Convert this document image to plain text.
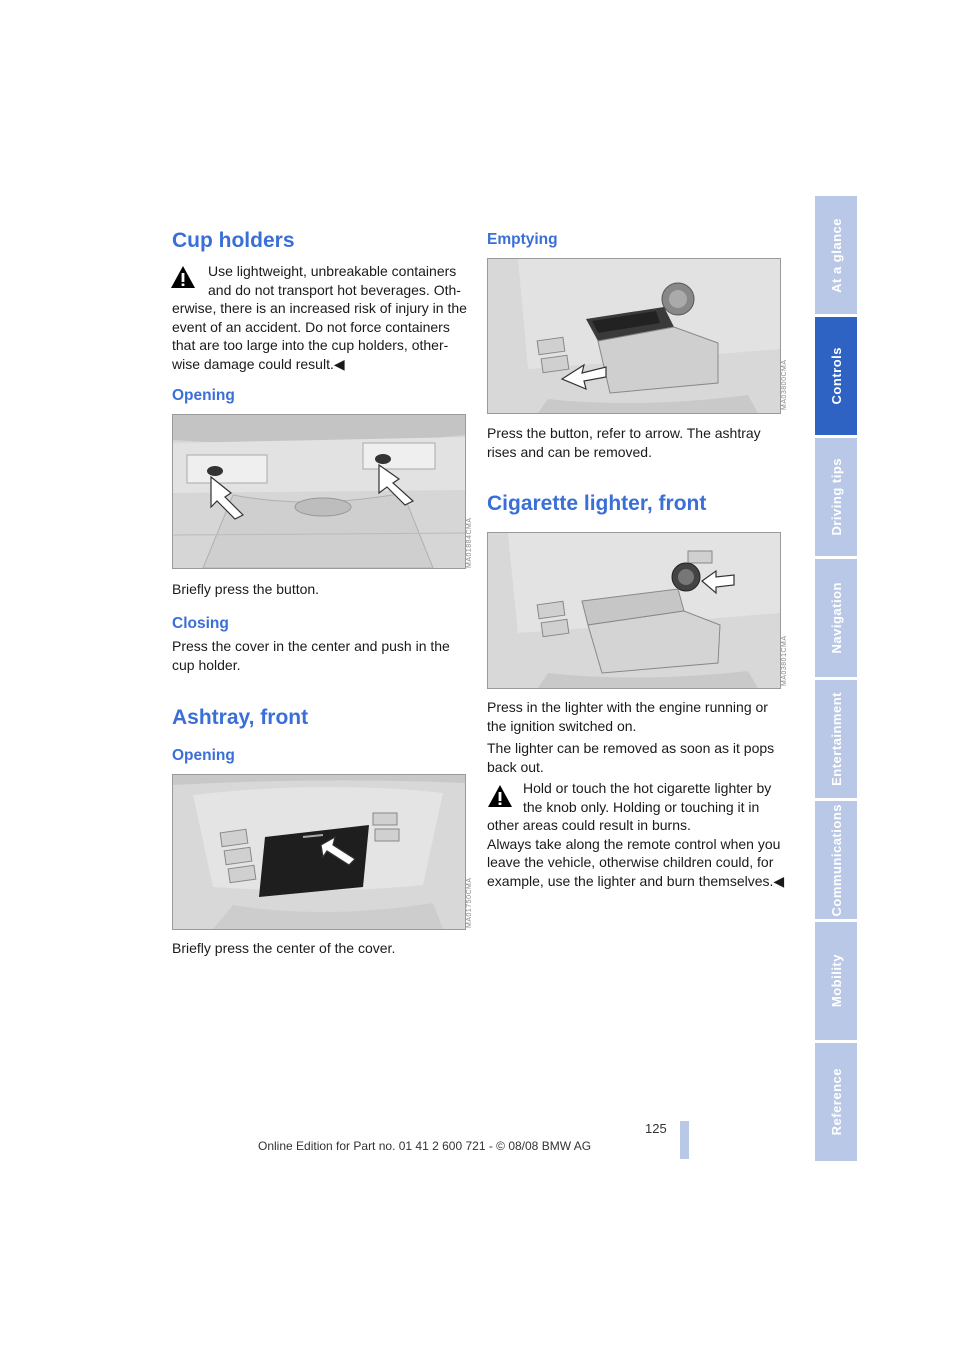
Cup holders

Use lightweight, unbreakable containers

and do not transport hot beverages. Oth-

erwise, there is an increased risk of injury in the

event of an accident. Do not force containers

that are too large into the cup holders, other-

wise damage could result.◀

Opening
MA01884CMA

Briefly press the button.

Closing

Press the cover in the center and push in the

cup holder.

Ashtray, front
Opening
MA01750CMA

Briefly press the center of the cover.

Emptying
MA03800CMA

Press the button, refer to arrow. The ashtray

rises and can be removed.

Cigarette lighter, front
MA03801CMA

Press in the lighter with the engine running or

the ignition switched on.

The lighter can be removed as soon as it pops

back out.

Hold or touch the hot cigarette lighter by

the knob only. Holding or touching it in

other areas could result in burns.

Always take along the remote control when you

leave the vehicle, otherwise children could, for

example, use the lighter and burn themselves.◀

At a glance
Controls
Driving tips
Navigation
Entertainment
Communications
Mobility
Reference
125
Online Edition for Part no. 01 41 2 600 721 - © 08/08 BMW AG
